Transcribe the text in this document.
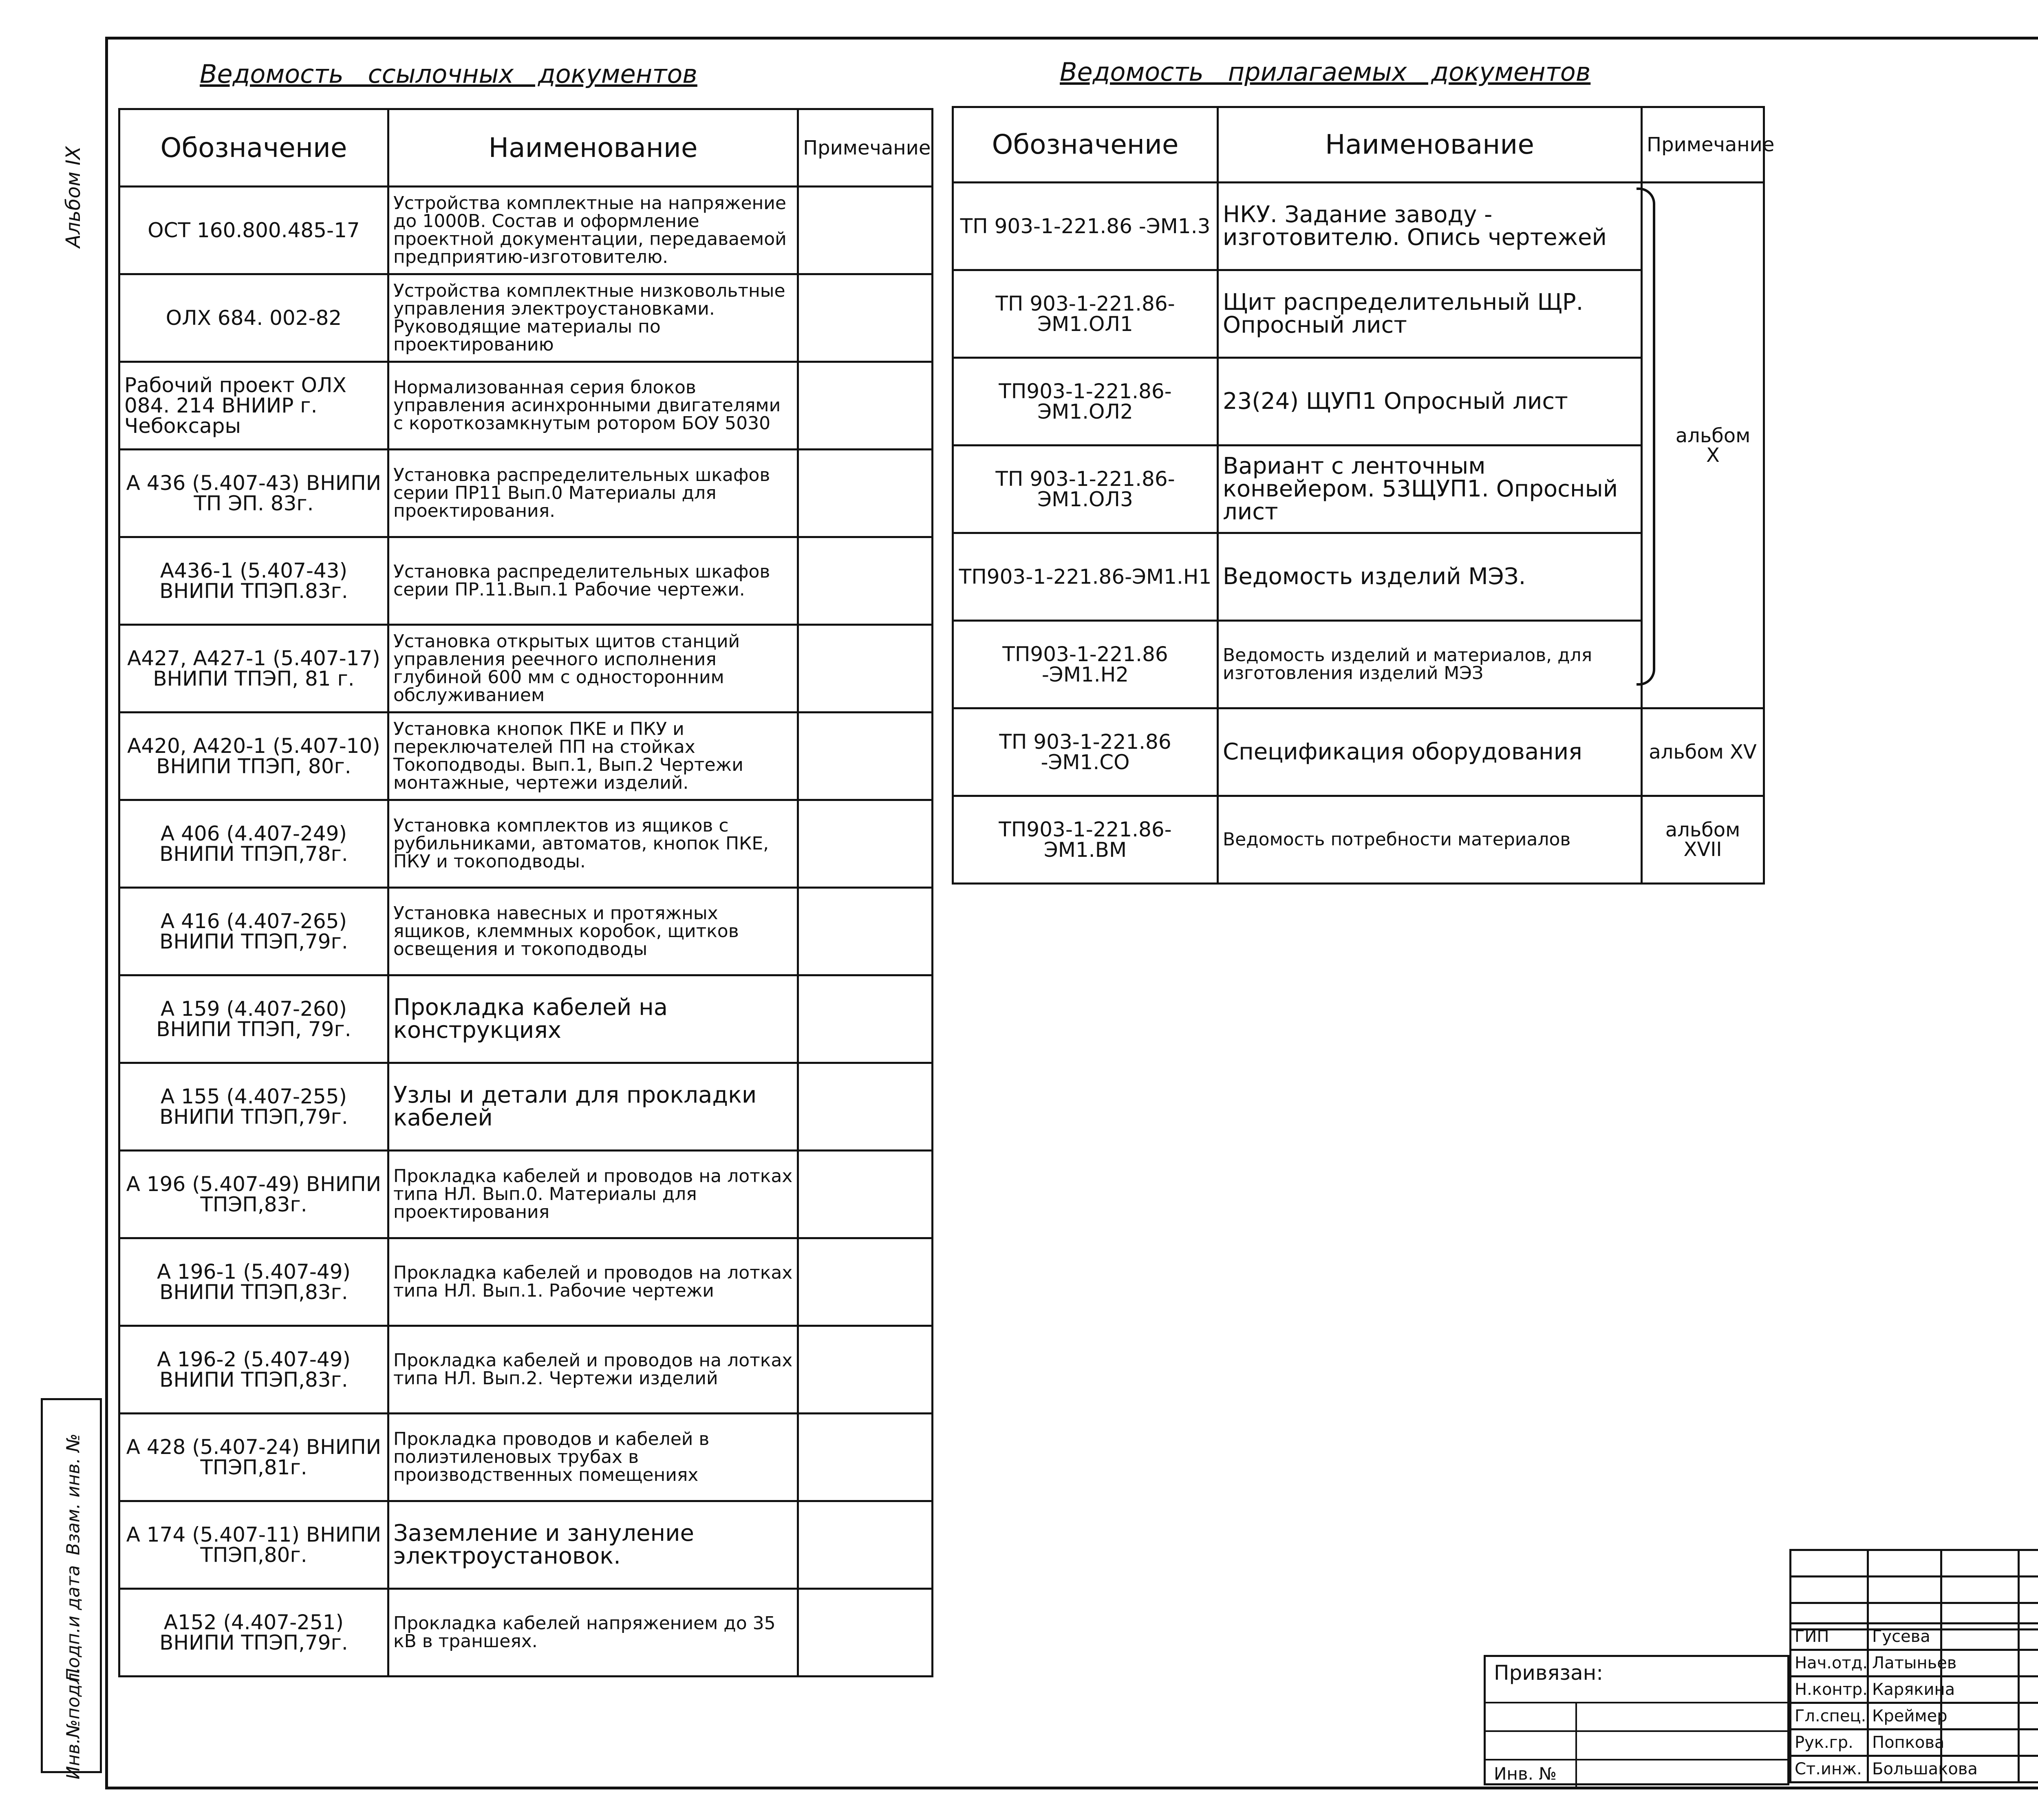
Альбом IX
Инв.№подл.
Подп.и дата
Взам. инв. №
Ведомость ссылочных документов
Обозначение	Наименование	Примечание
ОСТ 160.800.485-17	Устройства комплектные на напряжение до 1000В. Состав и оформление проектной документации, передаваемой предприятию-изготовителю.	
ОЛХ 684. 002-82	Устройства комплектные низковольтные управления электроустановками. Руководящие материалы по проектированию	
Рабочий проект ОЛХ 084. 214 ВНИИР г. Чебоксары	Нормализованная серия блоков управления асинхронными двигателями с короткозамкнутым ротором БОУ 5030	
А 436 (5.407-43) ВНИПИ ТП ЭП. 83г.	Установка распределительных шкафов серии ПР11 Вып.0 Материалы для проектирования.	
А436-1 (5.407-43) ВНИПИ ТПЭП.83г.	Установка распределительных шкафов серии ПР.11.Вып.1 Рабочие чертежи.	
А427, А427-1 (5.407-17) ВНИПИ ТПЭП, 81 г.	Установка открытых щитов станций управления реечного исполнения глубиной 600 мм с односторонним обслуживанием	
А420, А420-1 (5.407-10) ВНИПИ ТПЭП, 80г.	Установка кнопок ПКЕ и ПКУ и переключателей ПП на стойках Токоподводы. Вып.1, Вып.2 Чертежи монтажные, чертежи изделий.	
А 406 (4.407-249) ВНИПИ ТПЭП,78г.	Установка комплектов из ящиков с рубильниками, автоматов, кнопок ПКЕ, ПКУ и токоподводы.	
А 416 (4.407-265) ВНИПИ ТПЭП,79г.	Установка навесных и протяжных ящиков, клеммных коробок, щитков освещения и токоподводы	
А 159 (4.407-260) ВНИПИ ТПЭП, 79г.	Прокладка кабелей на конструкциях	
А 155 (4.407-255) ВНИПИ ТПЭП,79г.	Узлы и детали для прокладки кабелей	
А 196 (5.407-49) ВНИПИ ТПЭП,83г.	Прокладка кабелей и проводов на лотках типа НЛ. Вып.0. Материалы для проектирования	
А 196-1 (5.407-49) ВНИПИ ТПЭП,83г.	Прокладка кабелей и проводов на лотках типа НЛ. Вып.1. Рабочие чертежи	
А 196-2 (5.407-49) ВНИПИ ТПЭП,83г.	Прокладка кабелей и проводов на лотках типа НЛ. Вып.2. Чертежи изделий	
А 428 (5.407-24) ВНИПИ ТПЭП,81г.	Прокладка проводов и кабелей в полиэтиленовых трубах в производственных помещениях	
А 174 (5.407-11) ВНИПИ ТПЭП,80г.	Заземление и зануление электроустановок.	
А152 (4.407-251) ВНИПИ ТПЭП,79г.	Прокладка кабелей напряжением до 35 кВ в траншеях.	
Ведомость прилагаемых документов
Обозначение	Наименование	Примечание
ТП 903-1-221.86 -ЭМ1.3	НКУ. Задание заводу - изготовителю. Опись чертежей	альбом X
ТП 903-1-221.86-ЭМ1.ОЛ1	Щит распределительный ЩР. Опросный лист	
ТП903-1-221.86-ЭМ1.ОЛ2	23(24) ЩУП1 Опросный лист	
ТП 903-1-221.86-ЭМ1.ОЛ3	Вариант с ленточным конвейером. 53ЩУП1. Опросный лист	
ТП903-1-221.86-ЭМ1.Н1	Ведомость изделий МЭЗ.	
ТП903-1-221.86 -ЭМ1.Н2	Ведомость изделий и материалов, для изготовления изделий МЭЗ	
ТП 903-1-221.86 -ЭМ1.СО	Спецификация оборудования	альбом XV
ТП903-1-221.86-ЭМ1.ВМ	Ведомость потребности материалов	альбом XVII

ГИП	Гусева		
Нач.отд.	Латыньев		
Н.контр.	Карякина		
Гл.спец.	Креймер		
Рук.гр.	Попкова		
Ст.инж.	Большакова		
Привязан:
Инв. №
